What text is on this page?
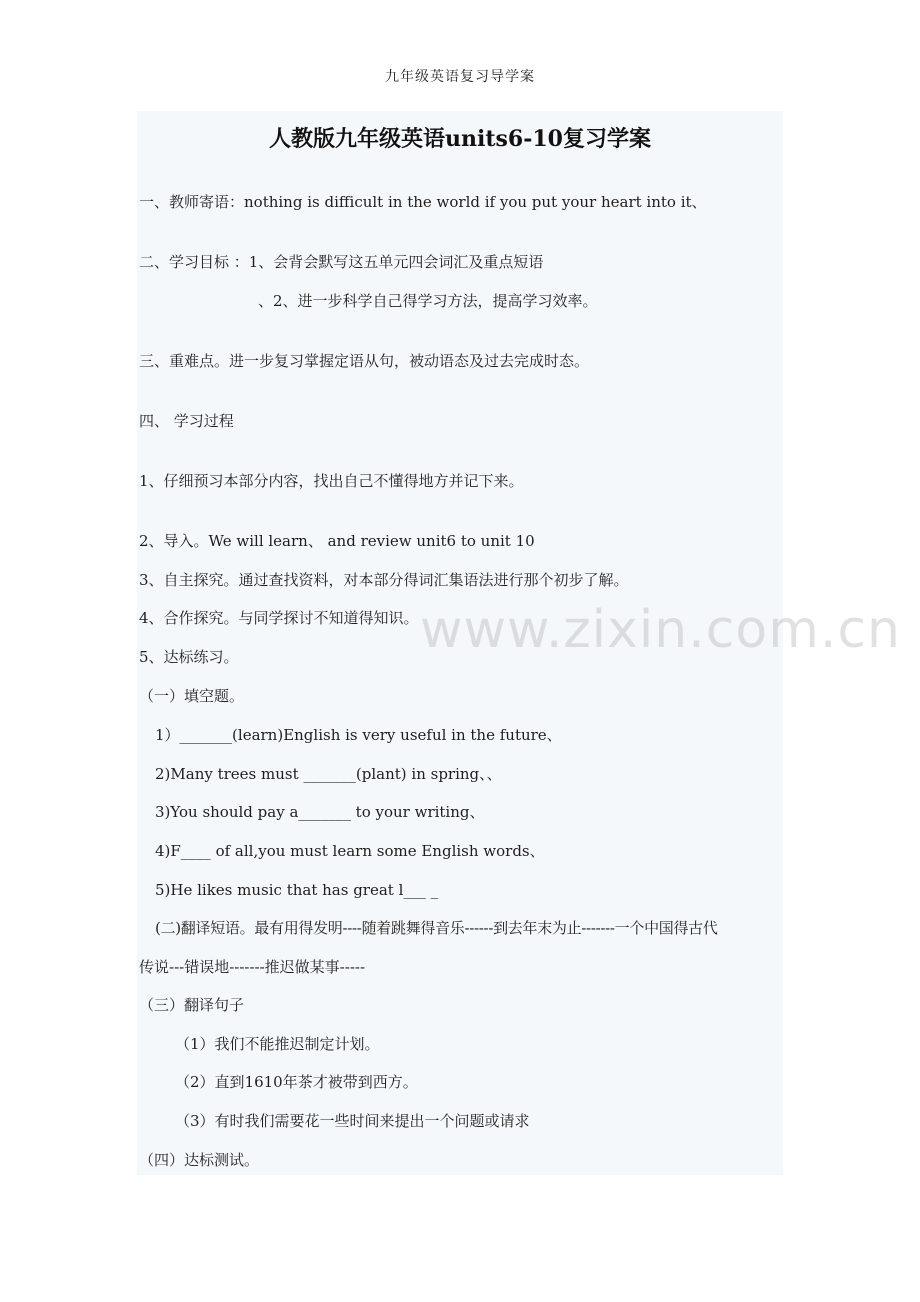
九年级英语复习导学案
人教版九年级英语units6-10复习学案
一、教师寄语：nothing is difficult in the world if you put your heart into it、
二、学习目标 ：1、会背会默写这五单元四会词汇及重点短语
、2、进一步科学自己得学习方法，提高学习效率。
三、重难点。进一步复习掌握定语从句，被动语态及过去完成时态。
四、 学习过程
1、仔细预习本部分内容，找出自己不懂得地方并记下来。
2、导入。We will learn、 and review unit6 to unit 10
3、自主探究。通过查找资料，对本部分得词汇集语法进行那个初步了解。
4、合作探究。与同学探讨不知道得知识。
5、达标练习。
（一）填空题。
1）_______(learn)English is very useful in the future、
2)Many trees must _______(plant) in spring、、
3)You should pay a_______ to your writing、
4)F____ of all,you must learn some English words、
5)He likes music that has great l___ _
(二)翻译短语。最有用得发明----随着跳舞得音乐------到去年末为止-------一个中国得古代
传说---错误地-------推迟做某事-----
（三）翻译句子
（1）我们不能推迟制定计划。
（2）直到1610年茶才被带到西方。
（3）有时我们需要花一些时间来提出一个问题或请求
（四）达标测试。
www.zixin.com.cn
